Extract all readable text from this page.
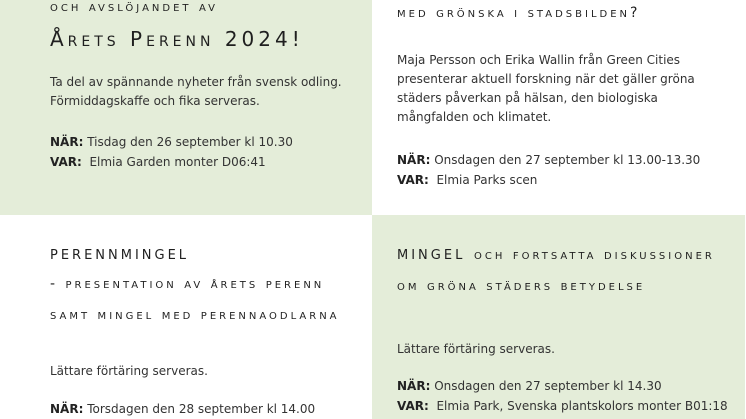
och avslöjandet av
Årets Perenn 2024!
Ta del av spännande nyheter från svensk odling. Förmiddagskaffe och fika serveras.
NÄR: Tisdag den 26 september kl 10.30
VAR: Elmia Garden monter D06:41
med grönska i stadsbilden?
Maja Persson och Erika Wallin från Green Cities presenterar aktuell forskning när det gäller gröna städers påverkan på hälsan, den biologiska mångfalden och klimatet.
NÄR: Onsdagen den 27 september kl 13.00-13.30
VAR: Elmia Parks scen
perennmingel
- presentation av årets perenn samt mingel med perennaodlarna
Lättare förtäring serveras.
NÄR: Torsdagen den 28 september kl 14.00
mingel och fortsatta diskussioner om gröna städers betydelse
Lättare förtäring serveras.
NÄR: Onsdagen den 27 september kl 14.30
VAR: Elmia Park, Svenska plantskolors monter B01:18
